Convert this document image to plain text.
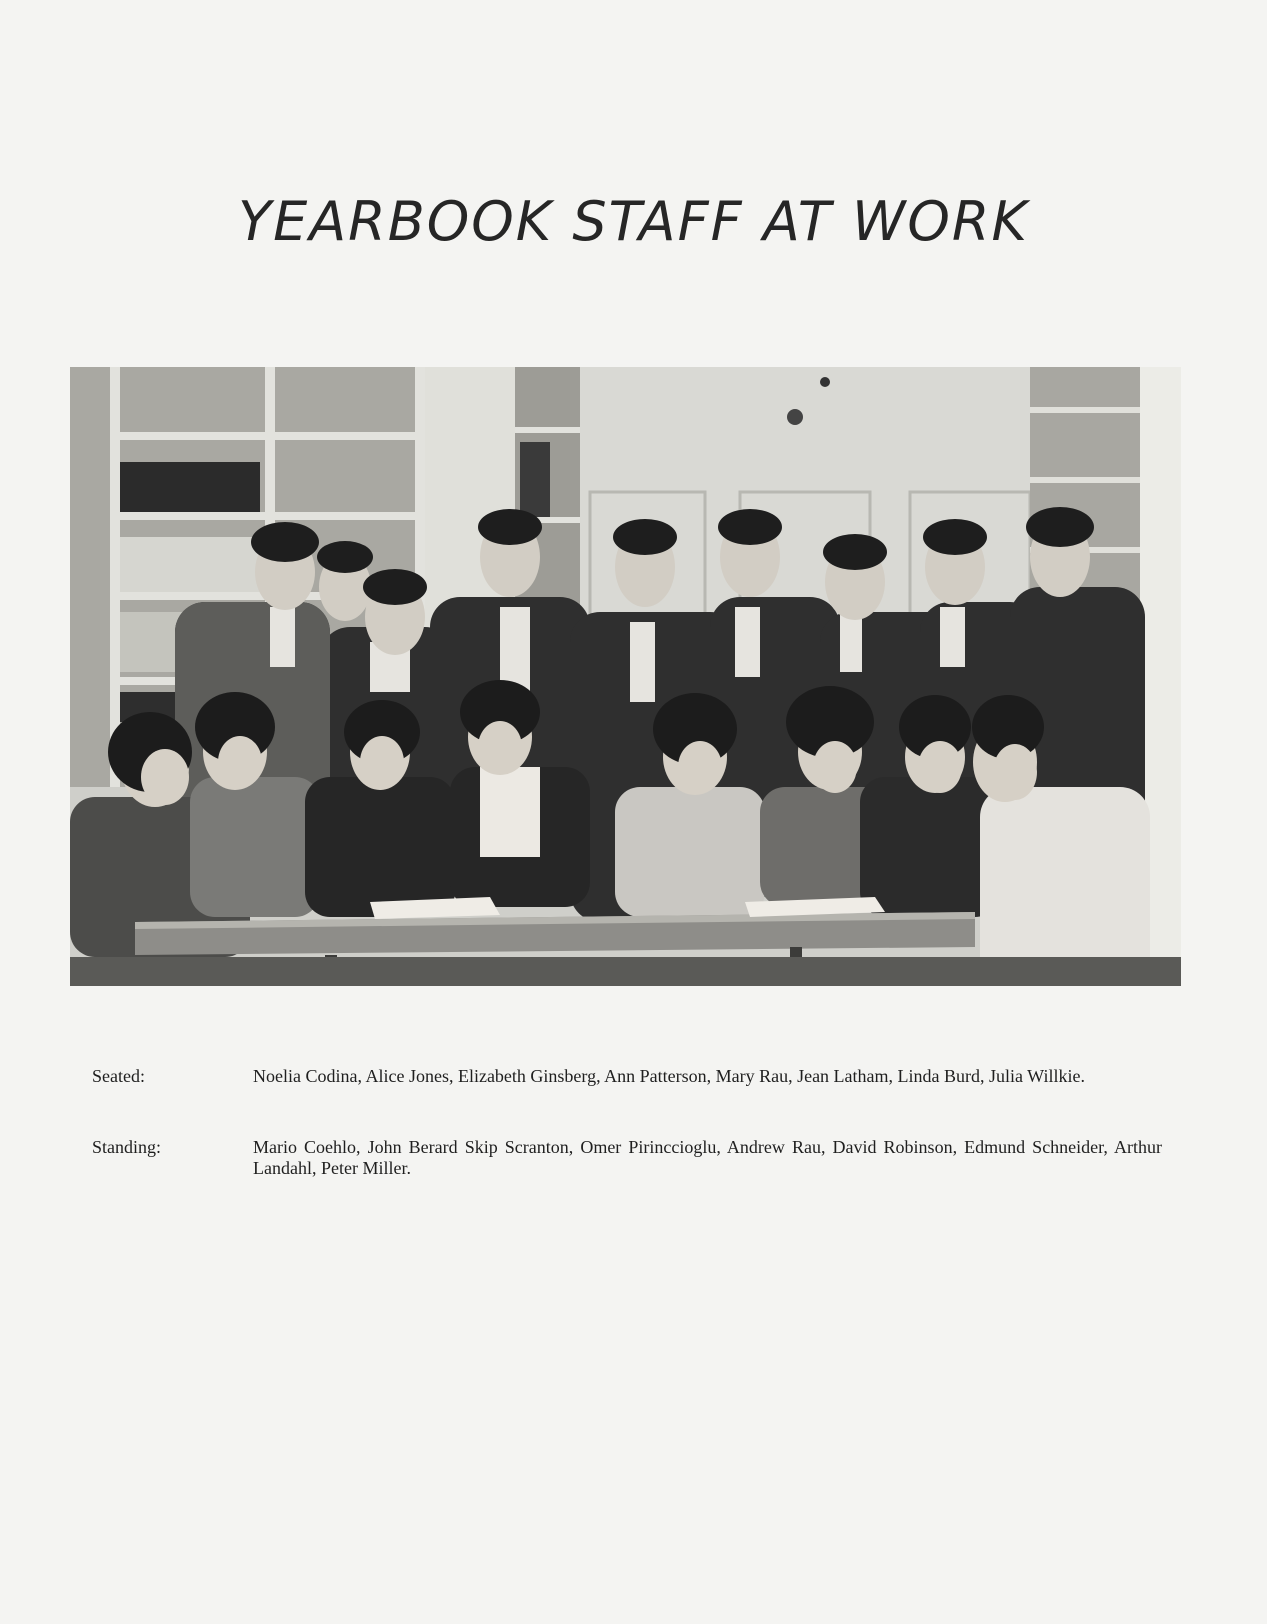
YEARBOOK STAFF AT WORK
Seated:	Noelia Codina, Alice Jones, Elizabeth Ginsberg, Ann Patterson, Mary Rau, Jean Latham, Linda Burd, Julia Willkie.
Standing:	Mario Coehlo, John Berard Skip Scranton, Omer Pirinccioglu, Andrew Rau, David Robinson, Edmund Schneider, Arthur Landahl, Peter Miller.
